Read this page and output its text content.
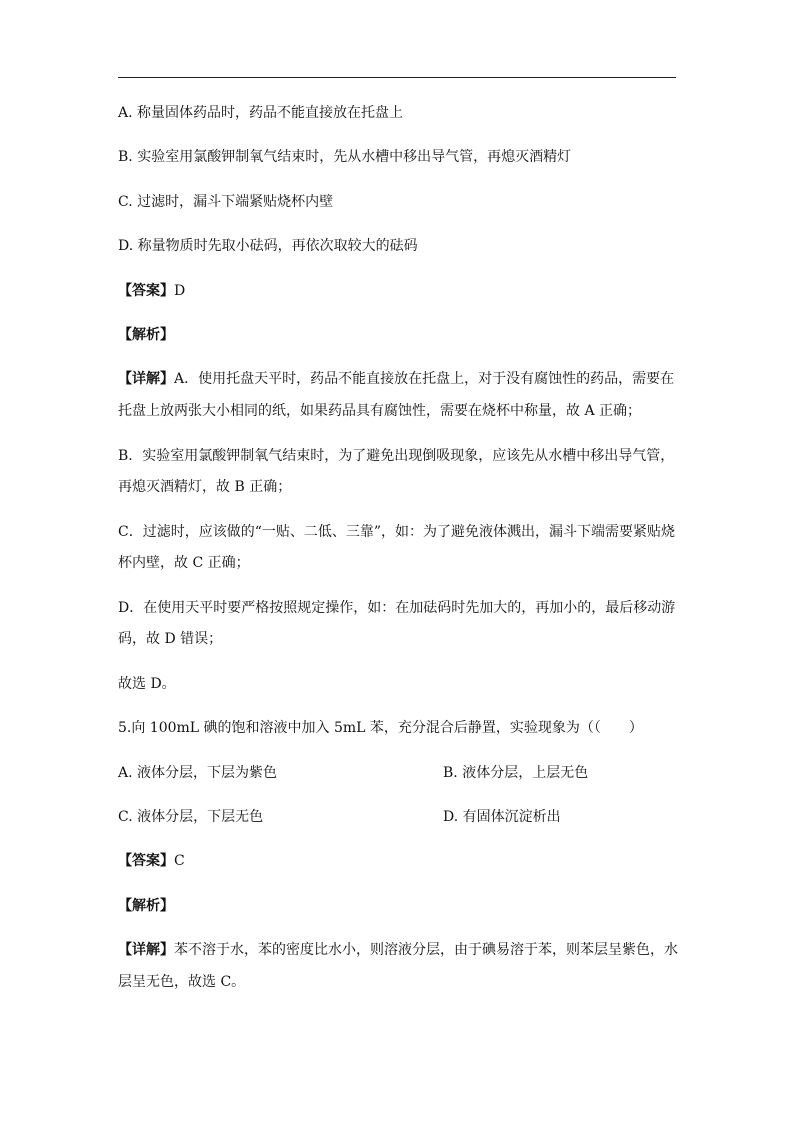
A. 称量固体药品时，药品不能直接放在托盘上
B. 实验室用氯酸钾制氧气结束时，先从水槽中移出导气管，再熄灭酒精灯
C. 过滤时，漏斗下端紧贴烧杯内壁
D. 称量物质时先取小砝码，再依次取较大的砝码
【答案】D
【解析】
【详解】A．使用托盘天平时，药品不能直接放在托盘上，对于没有腐蚀性的药品，需要在
托盘上放两张大小相同的纸，如果药品具有腐蚀性，需要在烧杯中称量，故 A 正确；
B．实验室用氯酸钾制氧气结束时，为了避免出现倒吸现象，应该先从水槽中移出导气管，
再熄灭酒精灯，故 B 正确；
C．过滤时，应该做的“一贴、二低、三靠”，如：为了避免液体溅出，漏斗下端需要紧贴烧
杯内壁，故 C 正确；
D．在使用天平时要严格按照规定操作，如：在加砝码时先加大的，再加小的，最后移动游
码，故 D 错误；
故选 D。
5.向 100mL 碘的饱和溶液中加入 5mL 苯，充分混合后静置，实验现象为（（　　）
A. 液体分层，下层为紫色	B. 液体分层，上层无色
C. 液体分层，下层无色	D. 有固体沉淀析出
【答案】C
【解析】
【详解】苯不溶于水，苯的密度比水小，则溶液分层，由于碘易溶于苯，则苯层呈紫色，水
层呈无色，故选 C。
